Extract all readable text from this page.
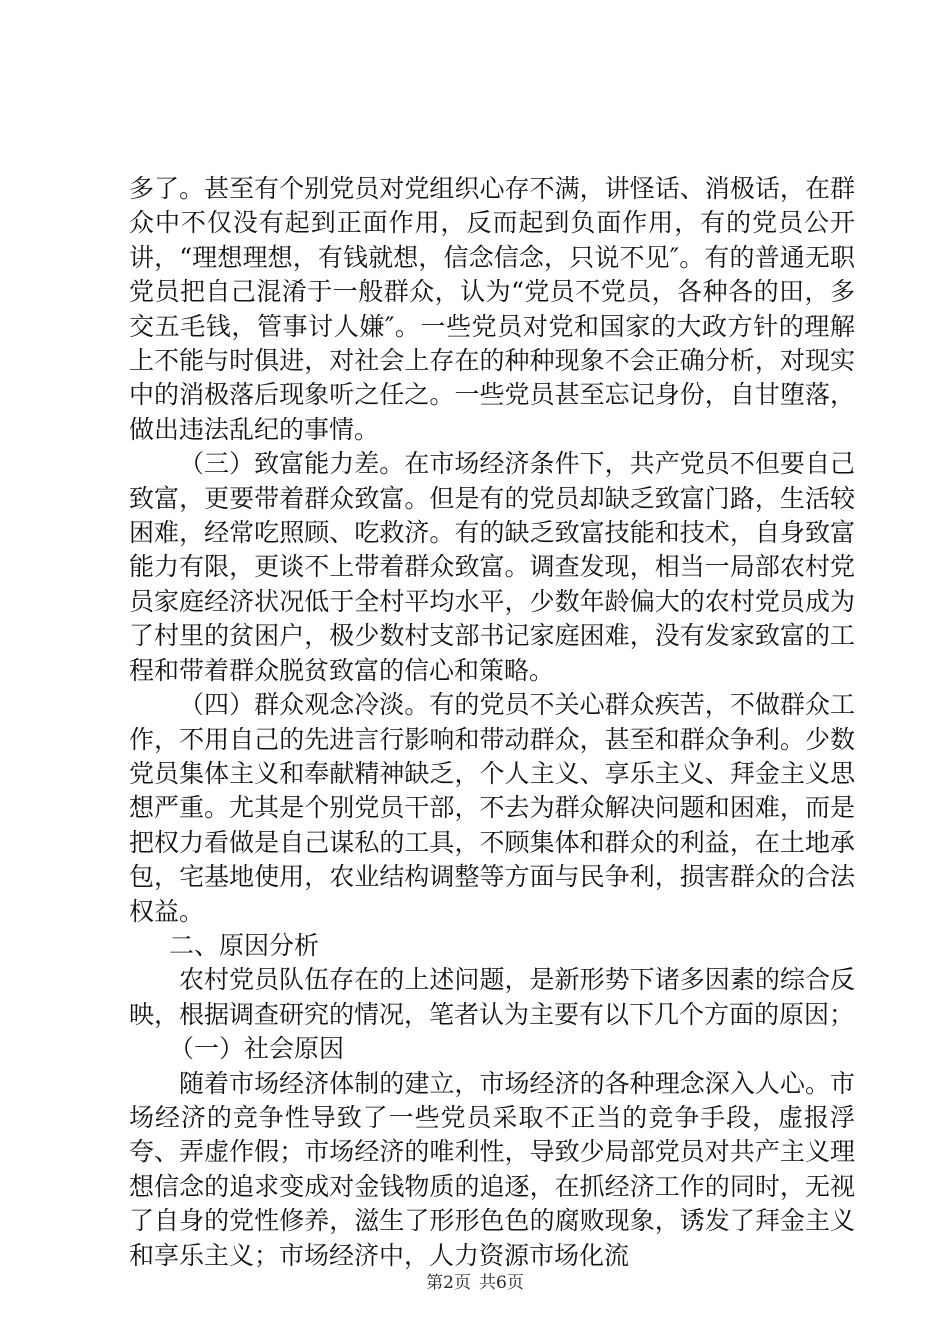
多了。甚至有个别党员对党组织心存不满，讲怪话、消极话，在群众中不仅没有起到正面作用，反而起到负面作用，有的党员公开讲，“理想理想，有钱就想，信念信念，只说不见″。有的普通无职党员把自己混淆于一般群众，认为“党员不党员，各种各的田，多交五毛钱，管事讨人嫌″。一些党员对党和国家的大政方针的理解上不能与时俱进，对社会上存在的种种现象不会正确分析，对现实中的消极落后现象听之任之。一些党员甚至忘记身份，自甘堕落，做出违法乱纪的事情。

（三）致富能力差。在市场经济条件下，共产党员不但要自己致富，更要带着群众致富。但是有的党员却缺乏致富门路，生活较困难，经常吃照顾、吃救济。有的缺乏致富技能和技术，自身致富能力有限，更谈不上带着群众致富。调查发现，相当一局部农村党员家庭经济状况低于全村平均水平，少数年龄偏大的农村党员成为了村里的贫困户，极少数村支部书记家庭困难，没有发家致富的工程和带着群众脱贫致富的信心和策略。

（四）群众观念冷淡。有的党员不关心群众疾苦，不做群众工作，不用自己的先进言行影响和带动群众，甚至和群众争利。少数党员集体主义和奉献精神缺乏，个人主义、享乐主义、拜金主义思想严重。尤其是个别党员干部，不去为群众解决问题和困难，而是把权力看做是自己谋私的工具，不顾集体和群众的利益，在土地承包，宅基地使用，农业结构调整等方面与民争利，损害群众的合法权益。

二、原因分析

农村党员队伍存在的上述问题，是新形势下诸多因素的综合反映，根据调查研究的情况，笔者认为主要有以下几个方面的原因；

（一）社会原因

随着市场经济体制的建立，市场经济的各种理念深入人心。市场经济的竞争性导致了一些党员采取不正当的竞争手段，虚报浮夸、弄虚作假；市场经济的唯利性，导致少局部党员对共产主义理想信念的追求变成对金钱物质的追逐，在抓经济工作的同时，无视了自身的党性修养，滋生了形形色色的腐败现象，诱发了拜金主义和享乐主义；市场经济中，人力资源市场化流

第2页 共6页
